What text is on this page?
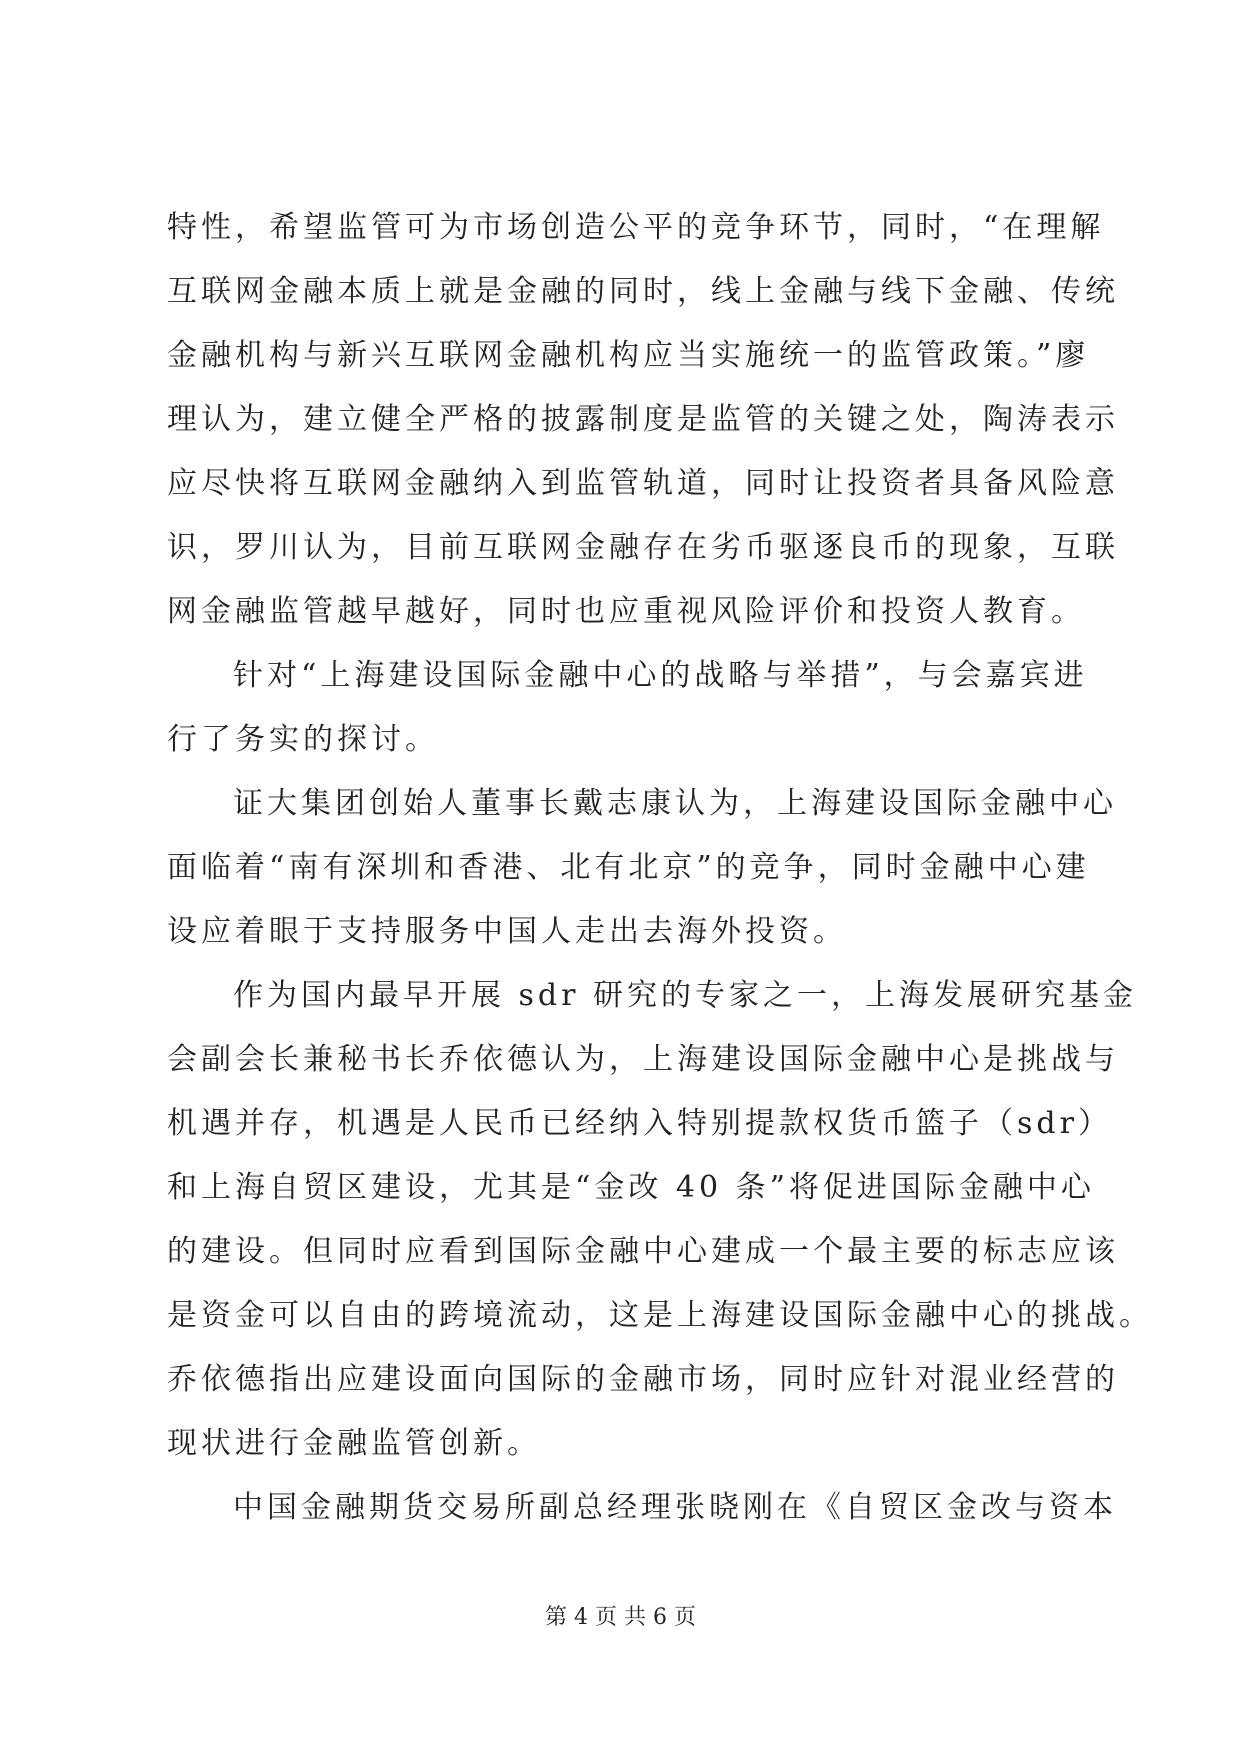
特性，希望监管可为市场创造公平的竞争环节，同时，“在理解
互联网金融本质上就是金融的同时，线上金融与线下金融、传统
金融机构与新兴互联网金融机构应当实施统一的监管政策。”廖
理认为，建立健全严格的披露制度是监管的关键之处，陶涛表示
应尽快将互联网金融纳入到监管轨道，同时让投资者具备风险意
识，罗川认为，目前互联网金融存在劣币驱逐良币的现象，互联
网金融监管越早越好，同时也应重视风险评价和投资人教育。
针对“上海建设国际金融中心的战略与举措”，与会嘉宾进
行了务实的探讨。
证大集团创始人董事长戴志康认为，上海建设国际金融中心
面临着“南有深圳和香港、北有北京”的竞争，同时金融中心建
设应着眼于支持服务中国人走出去海外投资。
作为国内最早开展 sdr 研究的专家之一，上海发展研究基金
会副会长兼秘书长乔依德认为，上海建设国际金融中心是挑战与
机遇并存，机遇是人民币已经纳入特别提款权货币篮子（sdr）
和上海自贸区建设，尤其是“金改 40 条”将促进国际金融中心
的建设。但同时应看到国际金融中心建成一个最主要的标志应该
是资金可以自由的跨境流动，这是上海建设国际金融中心的挑战。
乔依德指出应建设面向国际的金融市场，同时应针对混业经营的
现状进行金融监管创新。
中国金融期货交易所副总经理张晓刚在《自贸区金改与资本
第 4 页 共 6 页
